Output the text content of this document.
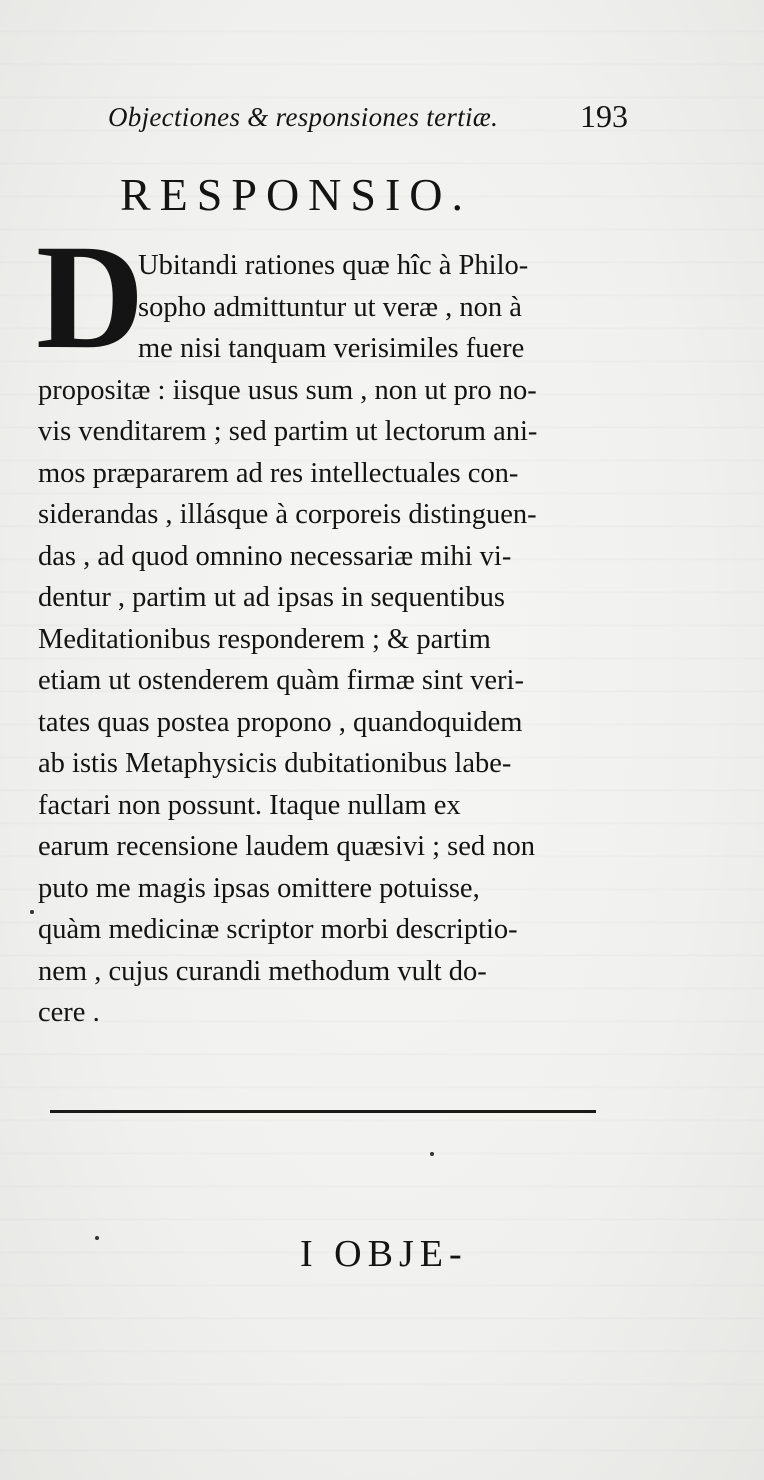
Objectiones & responsiones tertiæ.	193
RESPONSIO.
D
Ubitandi rationes quæ hîc à Philo-
sopho admittuntur ut veræ , non à
me nisi tanquam verisimiles fuere
propositæ : iisque usus sum , non ut pro no-
vis venditarem ; sed partim ut lectorum ani-
mos præpararem ad res intellectuales con-
siderandas , illásque à corporeis distinguen-
das , ad quod omnino necessariæ mihi vi-
dentur , partim ut ad ipsas in sequentibus
Meditationibus responderem ; & partim
etiam ut ostenderem quàm firmæ sint veri-
tates quas postea propono , quandoquidem
ab istis Metaphysicis dubitationibus labe-
factari non possunt. Itaque nullam ex
earum recensione laudem quæsivi ; sed non
puto me magis ipsas omittere potuisse,
quàm medicinæ scriptor morbi descriptio-
nem , cujus curandi methodum vult do-
cere .
I OBJE-
